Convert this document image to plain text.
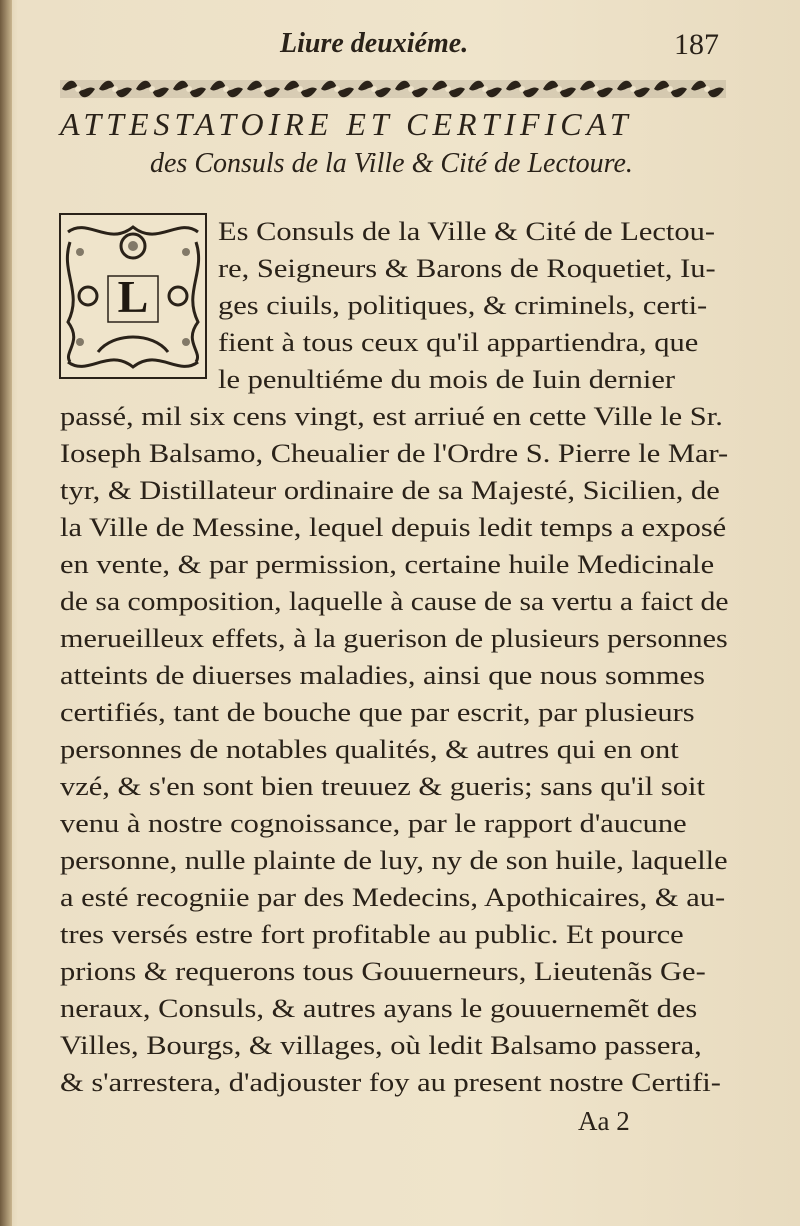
Liure deuxiéme.	187
ATTESTATOIRE ET CERTIFICAT
des Consuls de la Ville & Cité de Lectoure.
L
Es Consuls de la Ville & Cité de Lectou-
re, Seigneurs & Barons de Roquetiet, Iu-
ges ciuils, politiques, & criminels, certi-
fient à tous ceux qu'il appartiendra, que
le penultiéme du mois de Iuin dernier
passé, mil six cens vingt, est arriué en cette Ville le Sr.
Ioseph Balsamo, Cheualier de l'Ordre S. Pierre le Mar-
tyr, & Distillateur ordinaire de sa Majesté, Sicilien, de
la Ville de Messine, lequel depuis ledit temps a exposé
en vente, & par permission, certaine huile Medicinale
de sa composition, laquelle à cause de sa vertu a faict de
merueilleux effets, à la guerison de plusieurs personnes
atteints de diuerses maladies, ainsi que nous sommes
certifiés, tant de bouche que par escrit, par plusieurs
personnes de notables qualités, & autres qui en ont
vzé, & s'en sont bien treuuez & gueris; sans qu'il soit
venu à nostre cognoissance, par le rapport d'aucune
personne, nulle plainte de luy, ny de son huile, laquelle
a esté recogniie par des Medecins, Apothicaires, & au-
tres versés estre fort profitable au public. Et pource
prions & requerons tous Gouuerneurs, Lieutenãs Ge-
neraux, Consuls, & autres ayans le gouuernemẽt des
Villes, Bourgs, & villages, où ledit Balsamo passera,
& s'arrestera, d'adjouster foy au present nostre Certifi-
Aa 2
